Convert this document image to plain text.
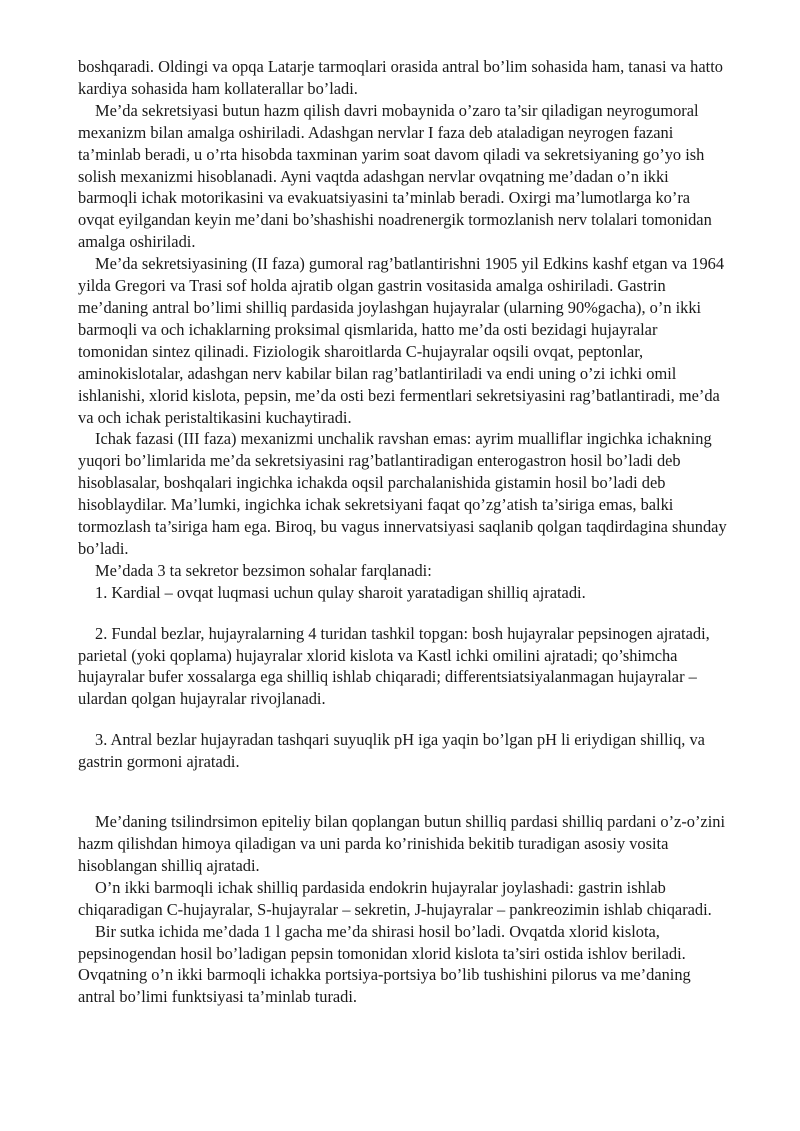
boshqaradi. Oldingi va opqa Latarje tarmoqlari orasida antral bo’lim sohasida ham, tanasi va hatto kardiya sohasida ham kollaterallar bo’ladi.

Me’da sekretsiyasi butun hazm qilish davri mobaynida o’zaro ta’sir qiladigan neyrogumoral mexanizm bilan amalga oshiriladi. Adashgan nervlar I faza deb ataladigan neyrogen fazani ta’minlab beradi, u o’rta hisobda taxminan yarim soat davom qiladi va sekretsiyaning go’yo ish solish mexanizmi hisoblanadi. Ayni vaqtda adashgan nervlar ovqatning me’dadan o’n ikki barmoqli ichak motorikasini va evakuatsiyasini ta’minlab beradi. Oxirgi ma’lumotlarga ko’ra ovqat eyilgandan keyin me’dani bo’shashishi noadrenergik tormozlanish nerv tolalari tomonidan amalga oshiriladi.

Me’da sekretsiyasining (II faza) gumoral rag’batlantirishni 1905 yil Edkins kashf etgan va 1964 yilda Gregori va Trasi sof holda ajratib olgan gastrin vositasida amalga oshiriladi. Gastrin me’daning antral bo’limi shilliq pardasida joylashgan hujayralar (ularning 90%gacha), o’n ikki barmoqli va och ichaklarning proksimal qismlarida, hatto me’da osti bezidagi hujayralar tomonidan sintez qilinadi. Fiziologik sharoitlarda C-hujayralar oqsili ovqat, peptonlar, aminokislotalar, adashgan nerv kabilar bilan rag’batlantiriladi va endi uning o’zi ichki omil ishlanishi, xlorid kislota, pepsin, me’da osti bezi fermentlari sekretsiyasini rag’batlantiradi, me’da va och ichak peristaltikasini kuchaytiradi.

Ichak fazasi (III faza) mexanizmi unchalik ravshan emas: ayrim mualliflar ingichka ichakning yuqori bo’limlarida me’da sekretsiyasini rag’batlantiradigan enterogastron hosil bo’ladi deb hisoblasalar, boshqalari ingichka ichakda oqsil parchalanishida gistamin hosil bo’ladi deb hisoblaydilar. Ma’lumki, ingichka ichak sekretsiyani faqat qo’zg’atish ta’siriga emas, balki tormozlash ta’siriga ham ega. Biroq, bu vagus innervatsiyasi saqlanib qolgan taqdirdagina shunday bo’ladi.

Me’dada 3 ta sekretor bezsimon sohalar farqlanadi:

1. Kardial – ovqat luqmasi uchun qulay sharoit yaratadigan shilliq ajratadi.

2. Fundal bezlar, hujayralarning 4 turidan tashkil topgan: bosh hujayralar pepsinogen ajratadi, parietal (yoki qoplama) hujayralar xlorid kislota va Kastl ichki omilini ajratadi; qo’shimcha hujayralar bufer xossalarga ega shilliq ishlab chiqaradi; differentsiatsiyalanmagan hujayralar – ulardan qolgan hujayralar rivojlanadi.

3. Antral bezlar hujayradan tashqari suyuqlik pH iga yaqin bo’lgan pH li eriydigan shilliq, va gastrin gormoni ajratadi.

Me’daning tsilindrsimon epiteliy bilan qoplangan butun shilliq pardasi shilliq pardani o’z-o’zini hazm qilishdan himoya qiladigan va uni parda ko’rinishida bekitib turadigan asosiy vosita hisoblangan shilliq ajratadi.

O’n ikki barmoqli ichak shilliq pardasida endokrin hujayralar joylashadi: gastrin ishlab chiqaradigan C-hujayralar, S-hujayralar – sekretin, J-hujayralar – pankreozimin ishlab chiqaradi.

Bir sutka ichida me’dada 1 l gacha me’da shirasi hosil bo’ladi. Ovqatda xlorid kislota, pepsinogendan hosil bo’ladigan pepsin tomonidan xlorid kislota ta’siri ostida ishlov beriladi. Ovqatning o’n ikki barmoqli ichakka portsiya-portsiya bo’lib tushishini pilorus va me’daning antral bo’limi funktsiyasi ta’minlab turadi.
